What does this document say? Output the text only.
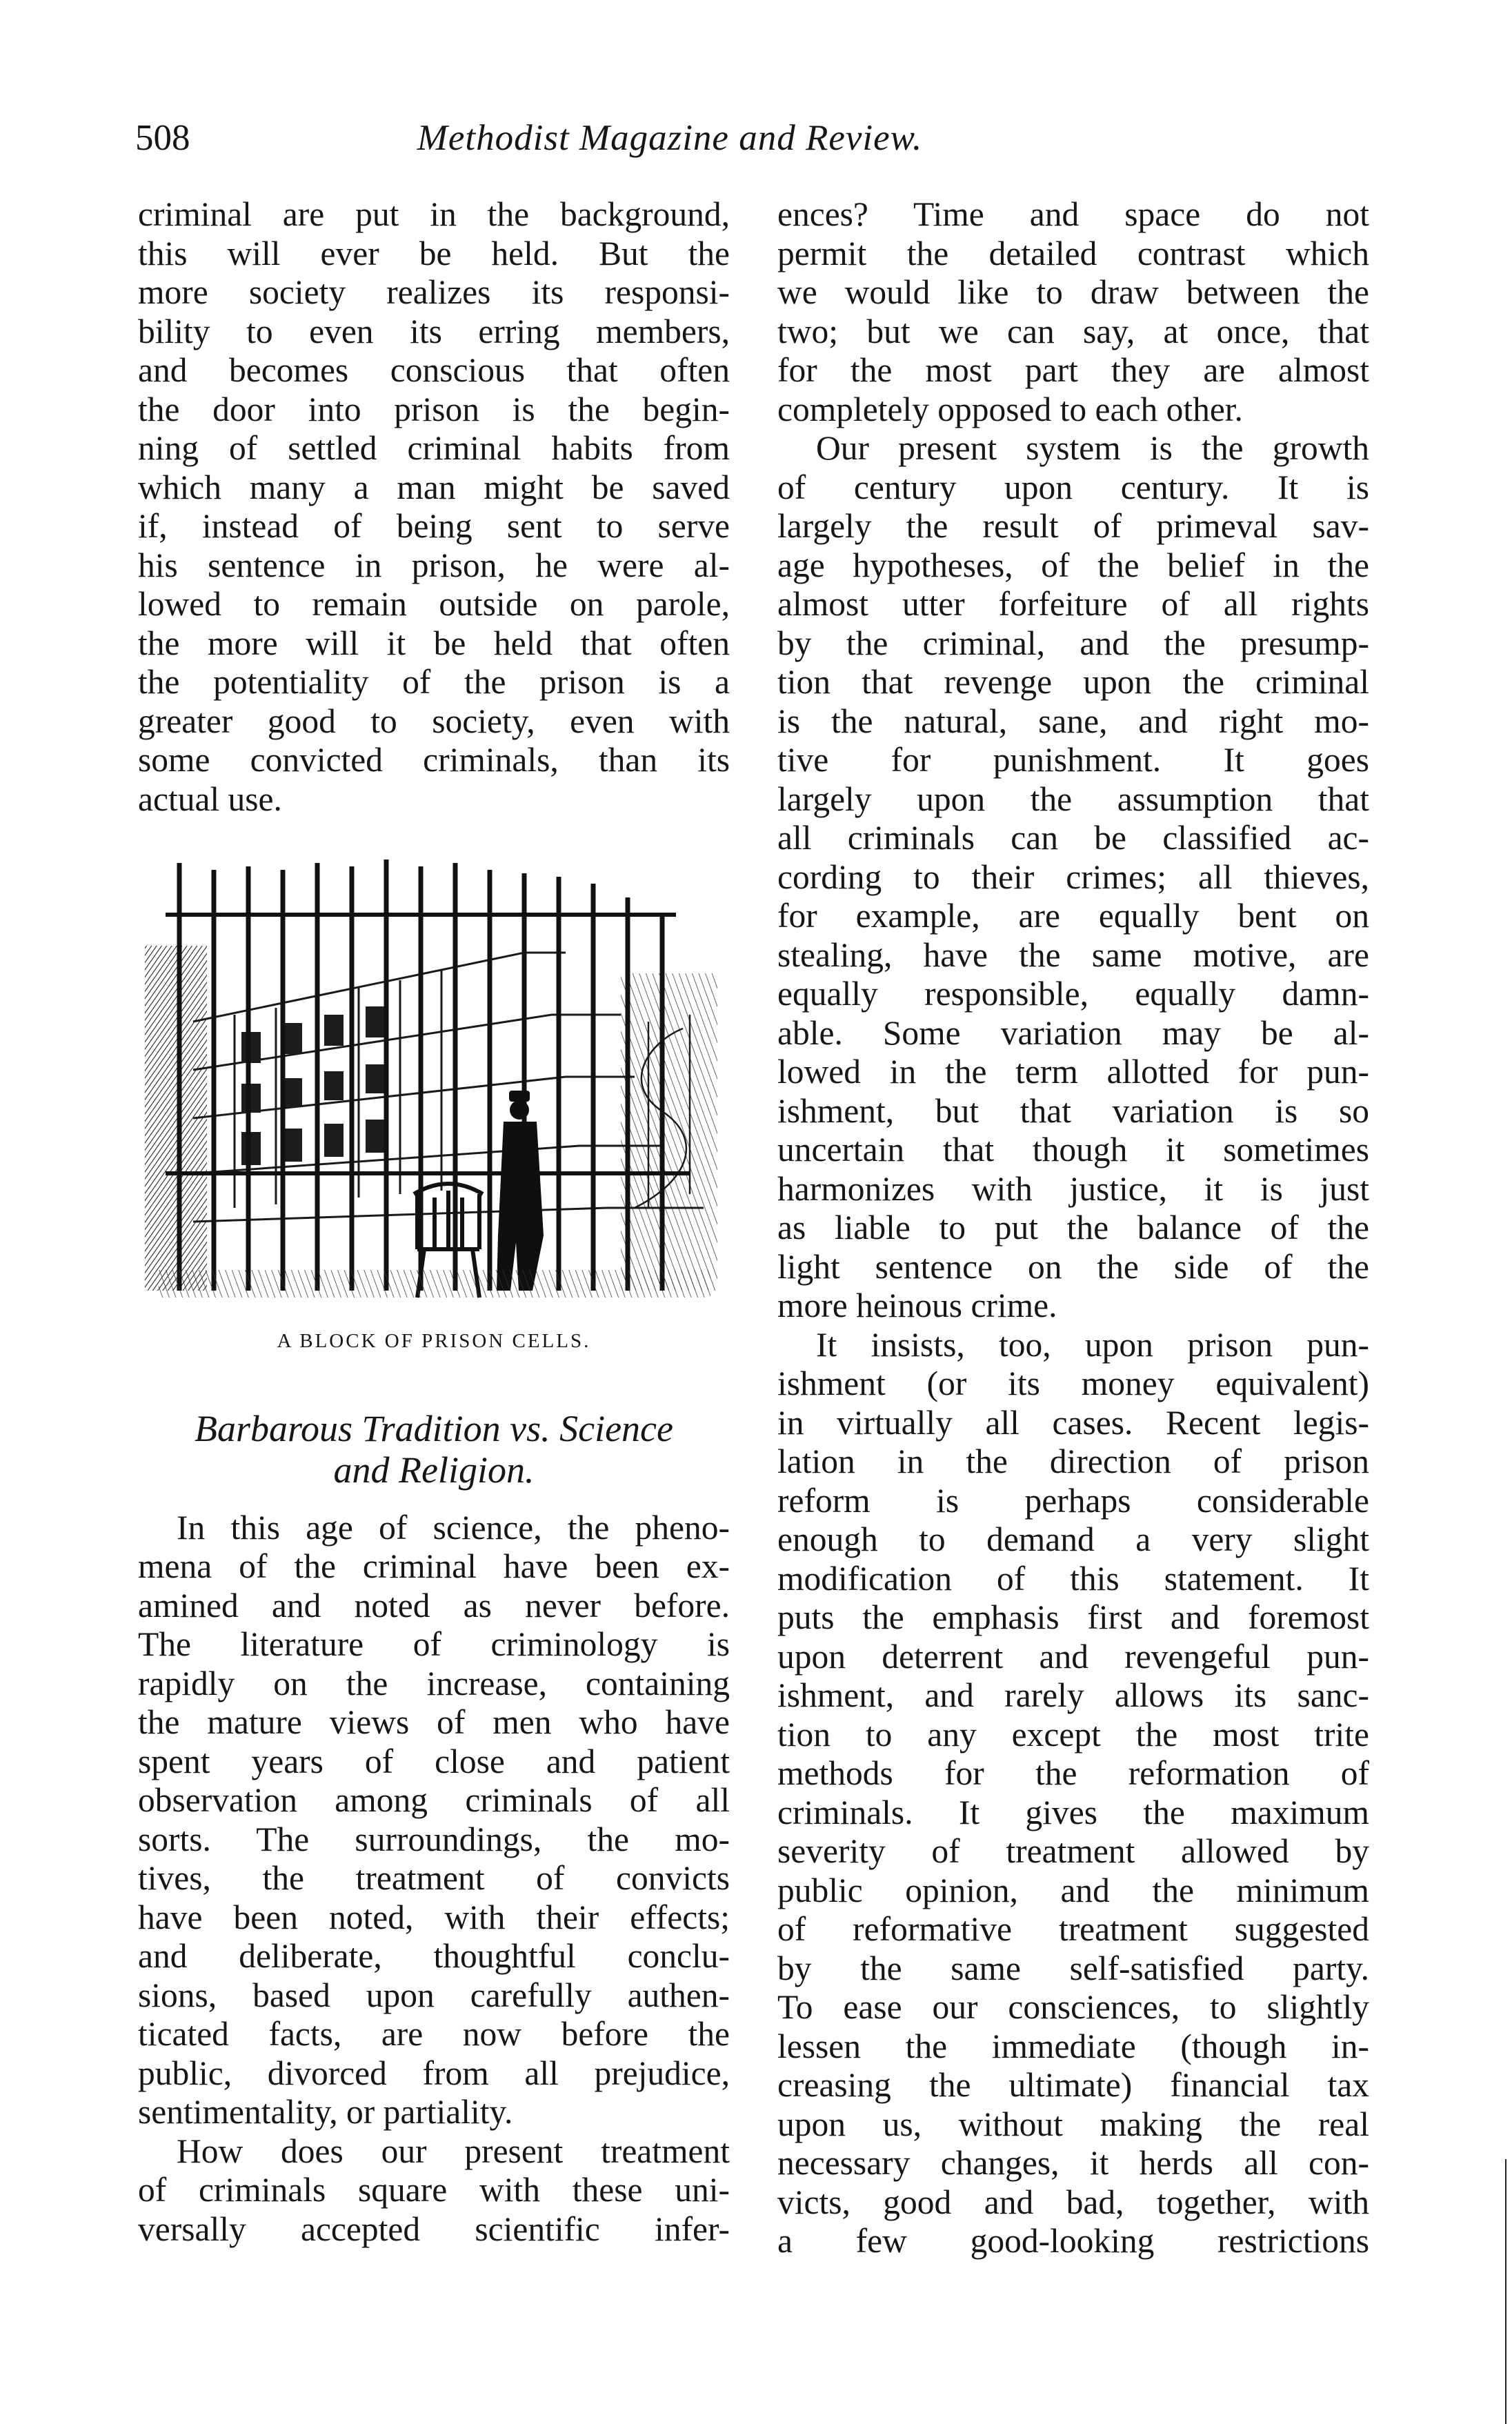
508	Methodist Magazine and Review.

criminal are put in the background,

this will ever be held. But the

more society realizes its responsi-

bility to even its erring members,

and becomes conscious that often

the door into prison is the begin-

ning of settled criminal habits from

which many a man might be saved

if, instead of being sent to serve

his sentence in prison, he were al-

lowed to remain outside on parole,

the more will it be held that often

the potentiality of the prison is a

greater good to society, even with

some convicted criminals, than its

actual use.

A BLOCK OF PRISON CELLS.
Barbarous Tradition vs. Science
and Religion.

In this age of science, the pheno-

mena of the criminal have been ex-

amined and noted as never before.

The literature of criminology is

rapidly on the increase, containing

the mature views of men who have

spent years of close and patient

observation among criminals of all

sorts. The surroundings, the mo-

tives, the treatment of convicts

have been noted, with their effects;

and deliberate, thoughtful conclu-

sions, based upon carefully authen-

ticated facts, are now before the

public, divorced from all prejudice,

sentimentality, or partiality.

How does our present treatment

of criminals square with these uni-

versally accepted scientific infer-

ences? Time and space do not

permit the detailed contrast which

we would like to draw between the

two; but we can say, at once, that

for the most part they are almost

completely opposed to each other.

Our present system is the growth

of century upon century. It is

largely the result of primeval sav-

age hypotheses, of the belief in the

almost utter forfeiture of all rights

by the criminal, and the presump-

tion that revenge upon the criminal

is the natural, sane, and right mo-

tive for punishment. It goes

largely upon the assumption that

all criminals can be classified ac-

cording to their crimes; all thieves,

for example, are equally bent on

stealing, have the same motive, are

equally responsible, equally damn-

able. Some variation may be al-

lowed in the term allotted for pun-

ishment, but that variation is so

uncertain that though it sometimes

harmonizes with justice, it is just

as liable to put the balance of the

light sentence on the side of the

more heinous crime.

It insists, too, upon prison pun-

ishment (or its money equivalent)

in virtually all cases. Recent legis-

lation in the direction of prison

reform is perhaps considerable

enough to demand a very slight

modification of this statement. It

puts the emphasis first and foremost

upon deterrent and revengeful pun-

ishment, and rarely allows its sanc-

tion to any except the most trite

methods for the reformation of

criminals. It gives the maximum

severity of treatment allowed by

public opinion, and the minimum

of reformative treatment suggested

by the same self-satisfied party.

To ease our consciences, to slightly

lessen the immediate (though in-

creasing the ultimate) financial tax

upon us, without making the real

necessary changes, it herds all con-

victs, good and bad, together, with

a few good-looking restrictions
